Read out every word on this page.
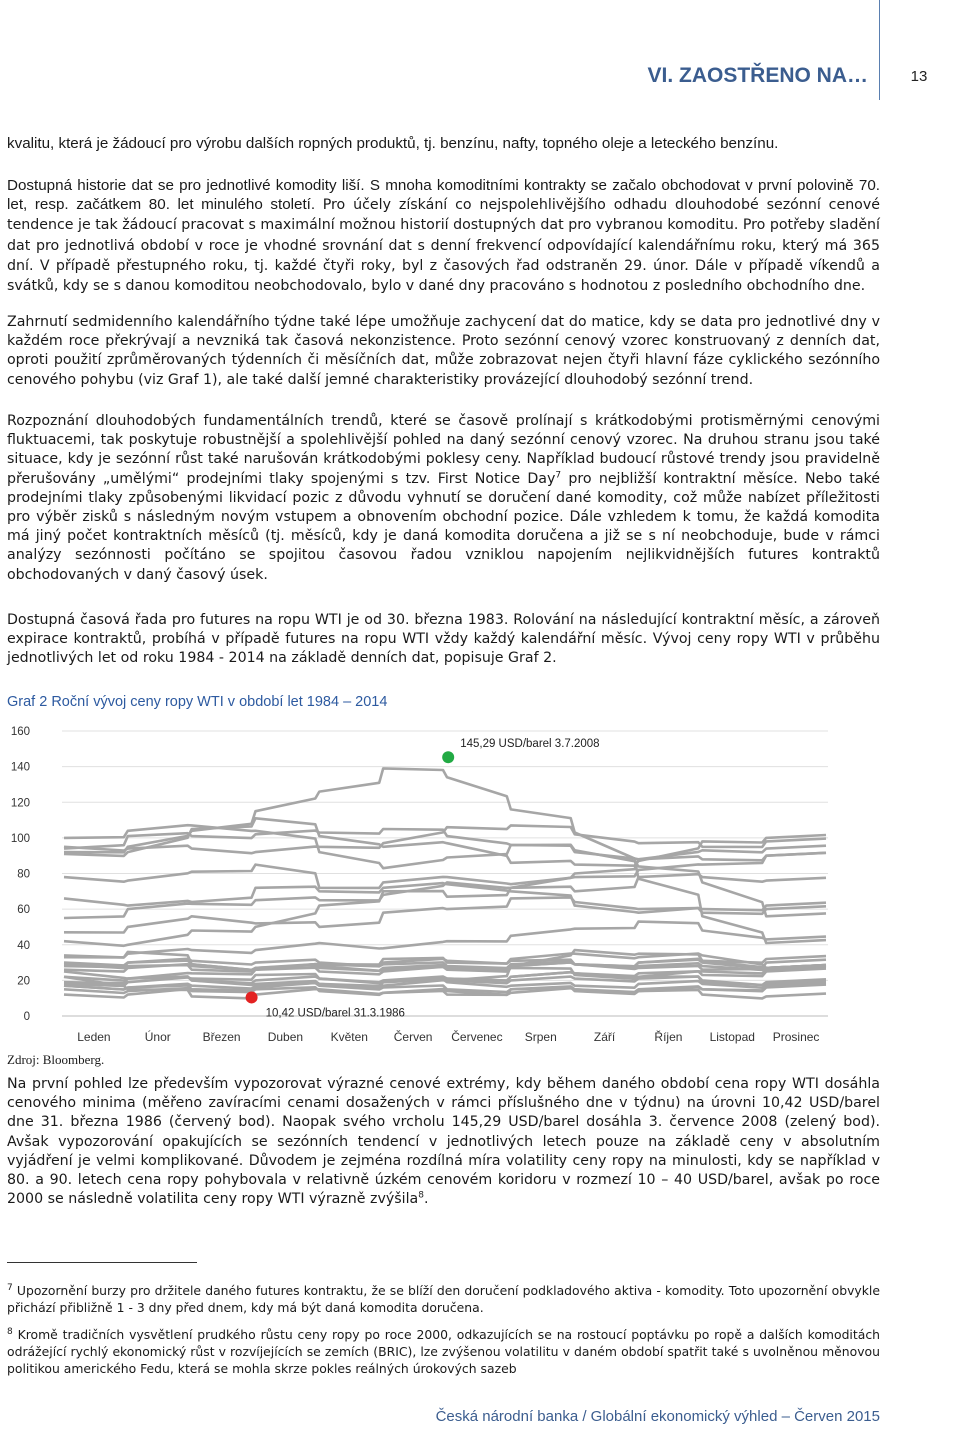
VI. ZAOSTŘENO NA…	13

kvalitu, která je žádoucí pro výrobu dalších ropných produktů, tj. benzínu, nafty, topného oleje a leteckého benzínu.

Dostupná historie dat se pro jednotlivé komodity liší. S mnoha komoditními kontrakty se začalo obchodovat v první polovině 70. let, resp. začátkem 80. let minulého století. Pro účely získání co nejspolehlivějšího odhadu dlouhodobé sezónní cenové tendence je tak žádoucí pracovat s maximální možnou historií dostupných dat pro vybranou komoditu. Pro potřeby sladění dat pro jednotlivá období v roce je vhodné srovnání dat s denní frekvencí odpovídající kalendářnímu roku, který má 365 dní. V případě přestupného roku, tj. každé čtyři roky, byl z časových řad odstraněn 29. únor. Dále v případě víkendů a svátků, kdy se s danou komoditou neobchodovalo, bylo v dané dny pracováno s hodnotou z posledního obchodního dne.

Zahrnutí sedmidenního kalendářního týdne také lépe umožňuje zachycení dat do matice, kdy se data pro jednotlivé dny v každém roce překrývají a nevzniká tak časová nekonzistence. Proto sezónní cenový vzorec konstruovaný z denních dat, oproti použití zprůměrovaných týdenních či měsíčních dat, může zobrazovat nejen čtyři hlavní fáze cyklického sezónního cenového pohybu (viz Graf 1), ale také další jemné charakteristiky provázející dlouhodobý sezónní trend.

Rozpoznání dlouhodobých fundamentálních trendů, které se časově prolínají s krátkodobými protisměrnými cenovými fluktuacemi, tak poskytuje robustnější a spolehlivější pohled na daný sezónní cenový vzorec. Na druhou stranu jsou také situace, kdy je sezónní růst také narušován krátkodobými poklesy ceny. Například budoucí růstové trendy jsou pravidelně přerušovány „umělými“ prodejními tlaky spojenými s tzv. First Notice Day$^7$ pro nejbližší kontraktní měsíce. Nebo také prodejními tlaky způsobenými likvidací pozic z důvodu vyhnutí se doručení dané komodity, což může nabízet příležitosti pro výběr zisků s následným novým vstupem a obnovením obchodní pozice. Dále vzhledem k tomu, že každá komodita má jiný počet kontraktních měsíců (tj. měsíců, kdy je daná komodita doručena a již se s ní neobchoduje, bude v rámci analýzy sezónnosti počítáno se spojitou časovou řadou vzniklou napojením nejlikvidnějších futures kontraktů obchodovaných v daný časový úsek.

Dostupná časová řada pro futures na ropu WTI je od 30. března 1983. Rolování na následující kontraktní měsíc, a zároveň expirace kontraktů, probíhá v případě futures na ropu WTI vždy každý kalendářní měsíc. Vývoj ceny ropy WTI v průběhu jednotlivých let od roku 1984 - 2014 na základě denních dat, popisuje Graf 2.

Graf 2 Roční vývoj ceny ropy WTI v období let 1984 – 2014
0
20
40
60
80
100
120
140
160
Leden	Únor	Březen Duben Květen Červen Červenec Srpen	Září	Říjen Listopad Prosinec
145,29 USD/barel 3.7.2008
10,42 USD/barel 31.3.1986
Zdroj: Bloomberg.

Na první pohled lze především vypozorovat výrazné cenové extrémy, kdy během daného období cena ropy WTI dosáhla cenového minima (měřeno zavíracími cenami dosažených v rámci příslušného dne v týdnu) na úrovni 10,42 USD/barel dne 31. března 1986 (červený bod). Naopak svého vrcholu 145,29 USD/barel dosáhla 3. července 2008 (zelený bod). Avšak vypozorování opakujících se sezónních tendencí v jednotlivých letech pouze na základě ceny v absolutním vyjádření je velmi komplikované. Důvodem je zejména rozdílná míra volatility ceny ropy na minulosti, kdy se například v 80. a 90. letech cena ropy pohybovala v relativně úzkém cenovém koridoru v rozmezí 10 – 40 USD/barel, avšak po roce 2000 se následně volatilita ceny ropy WTI výrazně zvýšila$^8$.

$^7$ Upozornění burzy pro držitele daného futures kontraktu, že se blíží den doručení podkladového aktiva - komodity. Toto upozornění obvykle přichází přibližně 1 - 3 dny před dnem, kdy má být daná komodita doručena.

$^8$ Kromě tradičních vysvětlení prudkého růstu ceny ropy po roce 2000, odkazujících se na rostoucí poptávku po ropě a dalších komoditách odrážející rychlý ekonomický růst v rozvíjejících se zemích (BRIC), lze zvýšenou volatilitu v daném období spatřit také s uvolněnou měnovou politikou amerického Fedu, která se mohla skrze pokles reálných úrokových sazeb

Česká národní banka / Globální ekonomický výhled – Červen 2015
